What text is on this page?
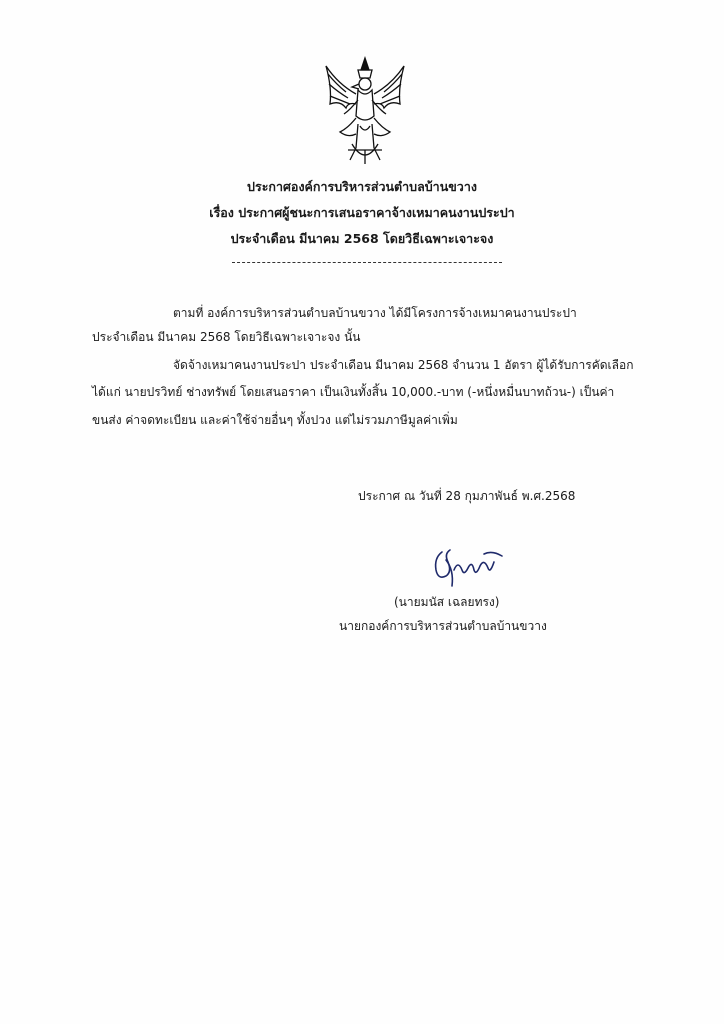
ประกาศองค์การบริหารส่วนตำบลบ้านขวาง
เรื่อง ประกาศผู้ชนะการเสนอราคาจ้างเหมาคนงานประปา
ประจำเดือน มีนาคม 2568 โดยวิธีเฉพาะเจาะจง
ตามที่ องค์การบริหารส่วนตำบลบ้านขวาง ได้มีโครงการจ้างเหมาคนงานประปา
ประจำเดือน มีนาคม 2568 โดยวิธีเฉพาะเจาะจง นั้น
จัดจ้างเหมาคนงานประปา ประจำเดือน มีนาคม 2568 จำนวน 1 อัตรา ผู้ได้รับการคัดเลือก
ได้แก่ นายปรวิทย์ ช่างทรัพย์ โดยเสนอราคา เป็นเงินทั้งสิ้น 10,000.-บาท (-หนึ่งหมื่นบาทถ้วน-) เป็นค่า
ขนส่ง ค่าจดทะเบียน และค่าใช้จ่ายอื่นๆ ทั้งปวง แต่ไม่รวมภาษีมูลค่าเพิ่ม
ประกาศ ณ วันที่ 28 กุมภาพันธ์ พ.ศ.2568
(นายมนัส เฉลยทรง)
นายกองค์การบริหารส่วนตำบลบ้านขวาง
